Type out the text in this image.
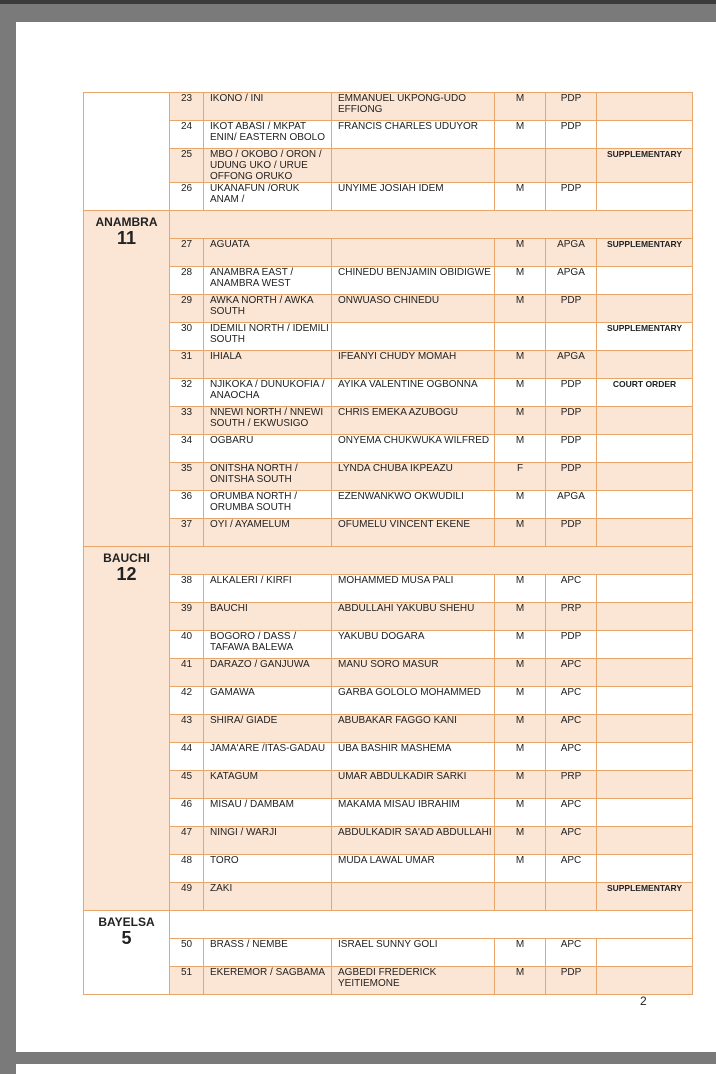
	23	IKONO / INI	EMMANUEL UKPONG-UDO EFFIONG	M	PDP	
	24	IKOT ABASI / MKPAT ENIN/ EASTERN OBOLO	FRANCIS CHARLES UDUYOR	M	PDP	
	25	MBO / OKOBO / ORON / UDUNG UKO / URUE OFFONG ORUKO				SUPPLEMENTARY
	26	UKANAFUN /ORUK ANAM /	UNYIME JOSIAH IDEM	M	PDP	

ANAMBRA
11						

	27	AGUATA		M	APGA	SUPPLEMENTARY
	28	ANAMBRA EAST / ANAMBRA WEST	CHINEDU BENJAMIN OBIDIGWE	M	APGA	
	29	AWKA NORTH / AWKA SOUTH	ONWUASO CHINEDU	M	PDP	
	30	IDEMILI NORTH / IDEMILI SOUTH				SUPPLEMENTARY
	31	IHIALA	IFEANYI CHUDY MOMAH	M	APGA	
	32	NJIKOKA / DUNUKOFIA / ANAOCHA	AYIKA VALENTINE OGBONNA	M	PDP	COURT ORDER
	33	NNEWI NORTH / NNEWI SOUTH / EKWUSIGO	CHRIS EMEKA AZUBOGU	M	PDP	
	34	OGBARU	ONYEMA CHUKWUKA WILFRED	M	PDP	
	35	ONITSHA NORTH / ONITSHA SOUTH	LYNDA CHUBA IKPEAZU	F	PDP	
	36	ORUMBA NORTH / ORUMBA SOUTH	EZENWANKWO OKWUDILI	M	APGA	
	37	OYI / AYAMELUM	OFUMELU VINCENT EKENE	M	PDP	

BAUCHI
12						

	38	ALKALERI / KIRFI	MOHAMMED MUSA PALI	M	APC	
	39	BAUCHI	ABDULLAHI YAKUBU SHEHU	M	PRP	
	40	BOGORO / DASS / TAFAWA BALEWA	YAKUBU DOGARA	M	PDP	
	41	DARAZO / GANJUWA	MANU SORO MASUR	M	APC	
	42	GAMAWA	GARBA GOLOLO MOHAMMED	M	APC	
	43	SHIRA/ GIADE	ABUBAKAR FAGGO KANI	M	APC	
	44	JAMA'ARE /ITAS-GADAU	UBA BASHIR MASHEMA	M	APC	
	45	KATAGUM	UMAR ABDULKADIR SARKI	M	PRP	
	46	MISAU / DAMBAM	MAKAMA MISAU IBRAHIM	M	APC	
	47	NINGI / WARJI	ABDULKADIR SA'AD ABDULLAHI	M	APC	
	48	TORO	MUDA LAWAL UMAR	M	APC	
	49	ZAKI				SUPPLEMENTARY

BAYELSA
5						

	50	BRASS / NEMBE	ISRAEL SUNNY GOLI	M	APC	
	51	EKEREMOR / SAGBAMA	AGBEDI FREDERICK YEITIEMONE	M	PDP	
2
